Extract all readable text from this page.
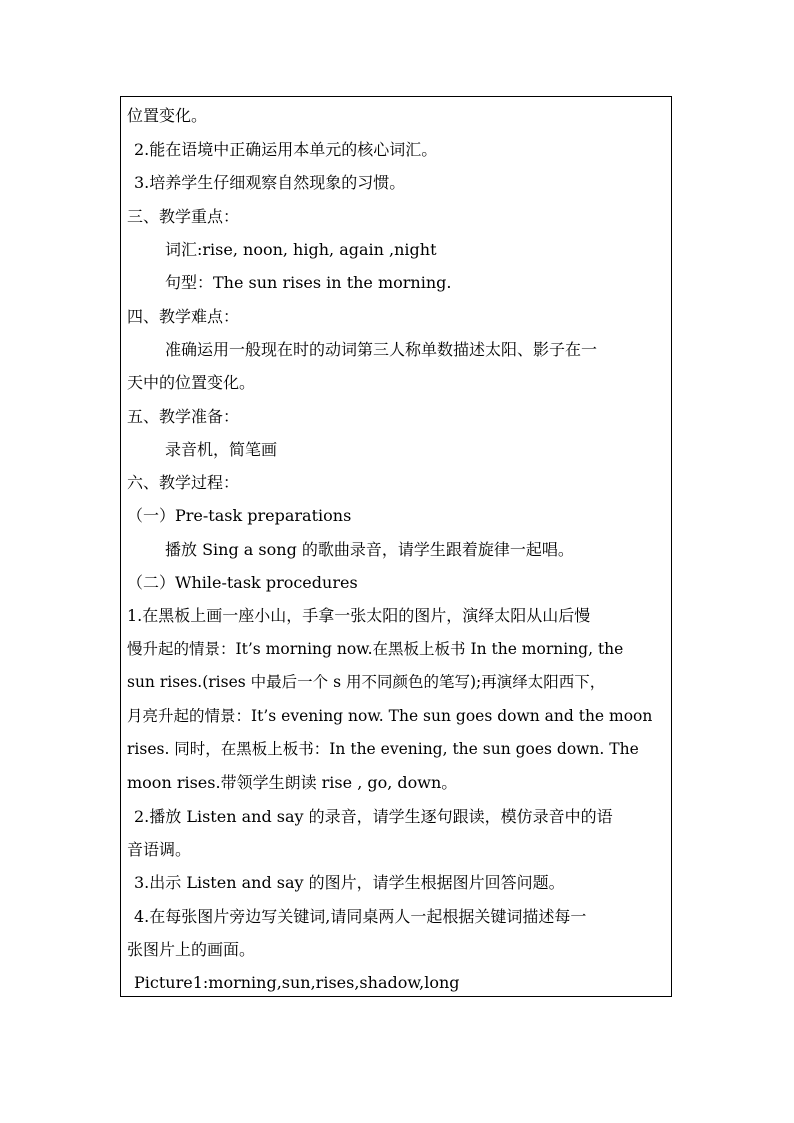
位置变化。
2.能在语境中正确运用本单元的核心词汇。
3.培养学生仔细观察自然现象的习惯。
三、教学重点：
词汇:rise, noon, high, again ,night
句型：The sun rises in the morning.
四、教学难点：
准确运用一般现在时的动词第三人称单数描述太阳、影子在一
天中的位置变化。
五、教学准备：
录音机，简笔画
六、教学过程：
（一）Pre-task preparations
播放 Sing a song 的歌曲录音，请学生跟着旋律一起唱。
（二）While-task procedures
1.在黑板上画一座小山，手拿一张太阳的图片，演绎太阳从山后慢
慢升起的情景：It’s morning now.在黑板上板书 In the morning, the
sun rises.(rises 中最后一个 s 用不同颜色的笔写);再演绎太阳西下，
月亮升起的情景：It’s evening now. The sun goes down and the moon
rises. 同时，在黑板上板书：In the evening, the sun goes down. The
moon rises.带领学生朗读 rise , go, down。
2.播放 Listen and say 的录音，请学生逐句跟读，模仿录音中的语
音语调。
3.出示 Listen and say 的图片，请学生根据图片回答问题。
4.在每张图片旁边写关键词,请同桌两人一起根据关键词描述每一
张图片上的画面。
Picture1:morning,sun,rises,shadow,long
